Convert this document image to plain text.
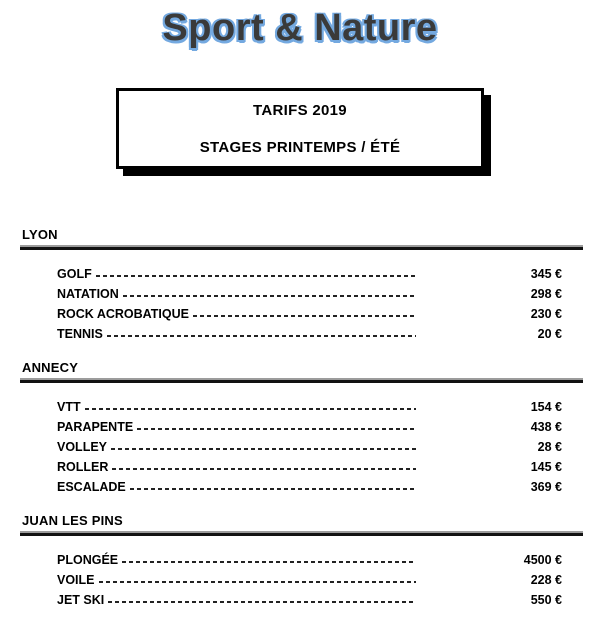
Sport & Nature
TARIFS 2019
STAGES PRINTEMPS / ÉTÉ
LYON
GOLF	345 €
NATATION	298 €
ROCK ACROBATIQUE	230 €
TENNIS	20 €
ANNECY
VTT	154 €
PARAPENTE	438 €
VOLLEY	28 €
ROLLER	145 €
ESCALADE	369 €
JUAN LES PINS
PLONGÉE	4500 €
VOILE	228 €
JET SKI	550 €
